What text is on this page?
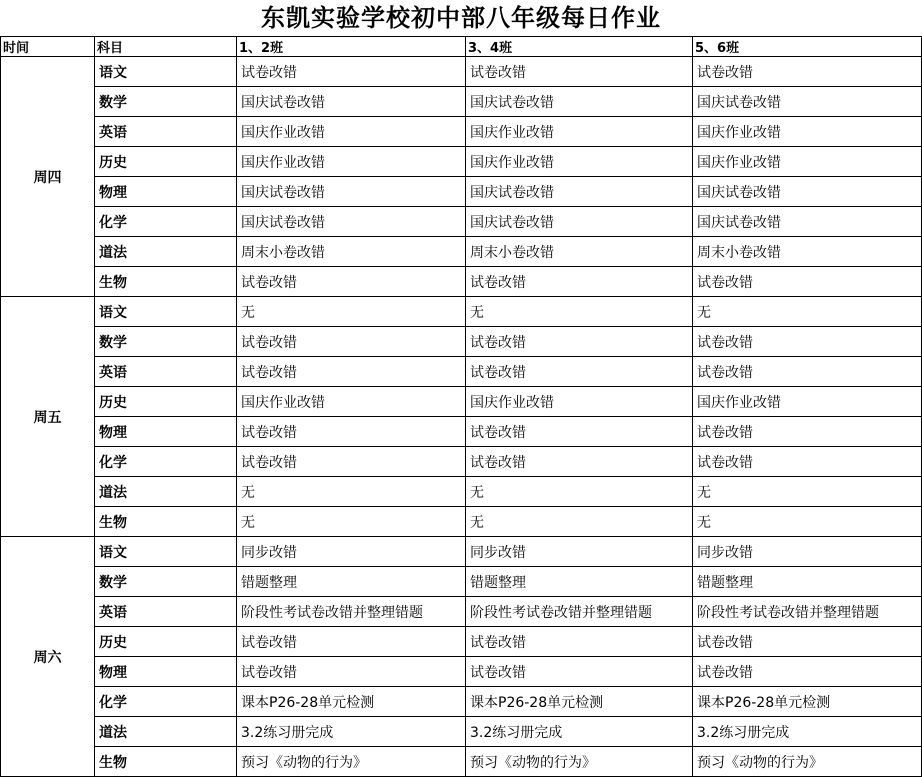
东凯实验学校初中部八年级每日作业
时间	科目	1、2班	3、4班	5、6班
周四	语文	试卷改错	试卷改错	试卷改错
	数学	国庆试卷改错	国庆试卷改错	国庆试卷改错
	英语	国庆作业改错	国庆作业改错	国庆作业改错
	历史	国庆作业改错	国庆作业改错	国庆作业改错
	物理	国庆试卷改错	国庆试卷改错	国庆试卷改错
	化学	国庆试卷改错	国庆试卷改错	国庆试卷改错
	道法	周末小卷改错	周末小卷改错	周末小卷改错
	生物	试卷改错	试卷改错	试卷改错
周五	语文	无	无	无
	数学	试卷改错	试卷改错	试卷改错
	英语	试卷改错	试卷改错	试卷改错
	历史	国庆作业改错	国庆作业改错	国庆作业改错
	物理	试卷改错	试卷改错	试卷改错
	化学	试卷改错	试卷改错	试卷改错
	道法	无	无	无
	生物	无	无	无
周六	语文	同步改错	同步改错	同步改错
	数学	错题整理	错题整理	错题整理
	英语	阶段性考试卷改错并整理错题	阶段性考试卷改错并整理错题	阶段性考试卷改错并整理错题
	历史	试卷改错	试卷改错	试卷改错
	物理	试卷改错	试卷改错	试卷改错
	化学	课本P26-28单元检测	课本P26-28单元检测	课本P26-28单元检测
	道法	3.2练习册完成	3.2练习册完成	3.2练习册完成
	生物	预习《动物的行为》	预习《动物的行为》	预习《动物的行为》
